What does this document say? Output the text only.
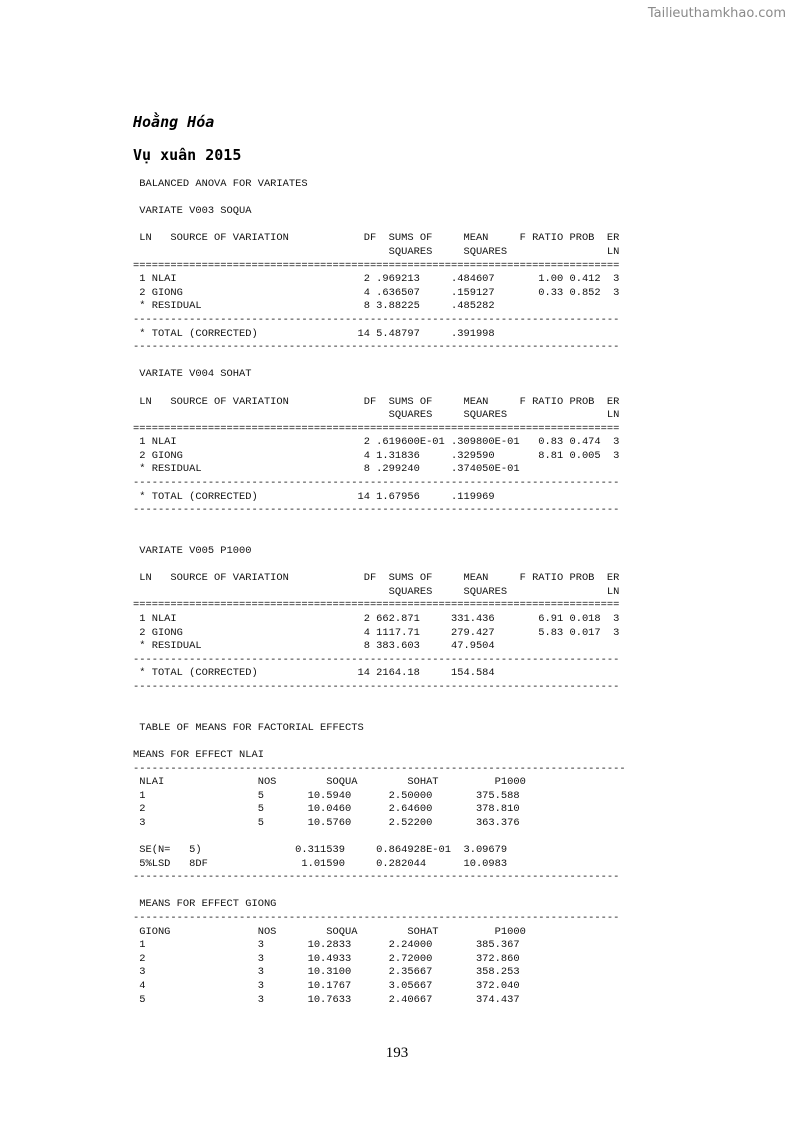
Tailieuthamkhao.com
Hoằng Hóa
Vụ xuân 2015
BALANCED ANOVA FOR VARIATES

VARIATE V003 SOQUA

LN   SOURCE OF VARIATION            DF  SUMS OF     MEAN     F RATIO PROB  ER
SQUARES     SQUARES                LN
==============================================================================
1 NLAI                              2 .969213     .484607       1.00 0.412  3
2 GIONG                             4 .636507     .159127       0.33 0.852  3
* RESIDUAL                          8 3.88225     .485282
------------------------------------------------------------------------------
* TOTAL (CORRECTED)                14 5.48797     .391998
------------------------------------------------------------------------------

VARIATE V004 SOHAT

LN   SOURCE OF VARIATION            DF  SUMS OF     MEAN     F RATIO PROB  ER
SQUARES     SQUARES                LN
==============================================================================
1 NLAI                              2 .619600E-01 .309800E-01   0.83 0.474  3
2 GIONG                             4 1.31836     .329590       8.81 0.005  3
* RESIDUAL                          8 .299240     .374050E-01
------------------------------------------------------------------------------
* TOTAL (CORRECTED)                14 1.67956     .119969
------------------------------------------------------------------------------

VARIATE V005 P1000

LN   SOURCE OF VARIATION            DF  SUMS OF     MEAN     F RATIO PROB  ER
SQUARES     SQUARES                LN
==============================================================================
1 NLAI                              2 662.871     331.436       6.91 0.018  3
2 GIONG                             4 1117.71     279.427       5.83 0.017  3
* RESIDUAL                          8 383.603     47.9504
------------------------------------------------------------------------------
* TOTAL (CORRECTED)                14 2164.18     154.584
------------------------------------------------------------------------------

TABLE OF MEANS FOR FACTORIAL EFFECTS

MEANS FOR EFFECT NLAI
-------------------------------------------------------------------------------
NLAI               NOS        SOQUA        SOHAT         P1000
1                  5       10.5940      2.50000       375.588
2                  5       10.0460      2.64600       378.810
3                  5       10.5760      2.52200       363.376

SE(N=   5)               0.311539     0.864928E-01  3.09679
5%LSD   8DF               1.01590     0.282044      10.0983
------------------------------------------------------------------------------

MEANS FOR EFFECT GIONG
------------------------------------------------------------------------------
GIONG              NOS        SOQUA        SOHAT         P1000
1                  3       10.2833      2.24000       385.367
2                  3       10.4933      2.72000       372.860
3                  3       10.3100      2.35667       358.253
4                  3       10.1767      3.05667       372.040
5                  3       10.7633      2.40667       374.437
193
